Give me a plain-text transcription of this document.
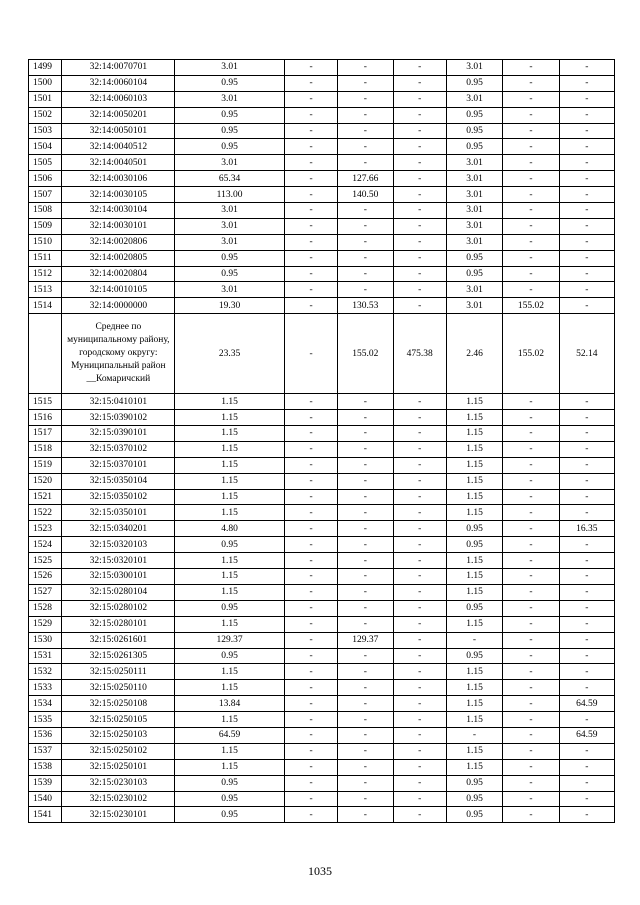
1499	32:14:0070701	3.01	-	-	-	3.01	-	-
1500	32:14:0060104	0.95	-	-	-	0.95	-	-
1501	32:14:0060103	3.01	-	-	-	3.01	-	-
1502	32:14:0050201	0.95	-	-	-	0.95	-	-
1503	32:14:0050101	0.95	-	-	-	0.95	-	-
1504	32:14:0040512	0.95	-	-	-	0.95	-	-
1505	32:14:0040501	3.01	-	-	-	3.01	-	-
1506	32:14:0030106	65.34	-	127.66	-	3.01	-	-
1507	32:14:0030105	113.00	-	140.50	-	3.01	-	-
1508	32:14:0030104	3.01	-	-	-	3.01	-	-
1509	32:14:0030101	3.01	-	-	-	3.01	-	-
1510	32:14:0020806	3.01	-	-	-	3.01	-	-
1511	32:14:0020805	0.95	-	-	-	0.95	-	-
1512	32:14:0020804	0.95	-	-	-	0.95	-	-
1513	32:14:0010105	3.01	-	-	-	3.01	-	-
1514	32:14:0000000	19.30	-	130.53	-	3.01	155.02	-
	Среднее по муниципальному району, городскому округу: Муниципальный район __Комаричский	23.35	-	155.02	475.38	2.46	155.02	52.14
1515	32:15:0410101	1.15	-	-	-	1.15	-	-
1516	32:15:0390102	1.15	-	-	-	1.15	-	-
1517	32:15:0390101	1.15	-	-	-	1.15	-	-
1518	32:15:0370102	1.15	-	-	-	1.15	-	-
1519	32:15:0370101	1.15	-	-	-	1.15	-	-
1520	32:15:0350104	1.15	-	-	-	1.15	-	-
1521	32:15:0350102	1.15	-	-	-	1.15	-	-
1522	32:15:0350101	1.15	-	-	-	1.15	-	-
1523	32:15:0340201	4.80	-	-	-	0.95	-	16.35
1524	32:15:0320103	0.95	-	-	-	0.95	-	-
1525	32:15:0320101	1.15	-	-	-	1.15	-	-
1526	32:15:0300101	1.15	-	-	-	1.15	-	-
1527	32:15:0280104	1.15	-	-	-	1.15	-	-
1528	32:15:0280102	0.95	-	-	-	0.95	-	-
1529	32:15:0280101	1.15	-	-	-	1.15	-	-
1530	32:15:0261601	129.37	-	129.37	-	-	-	-
1531	32:15:0261305	0.95	-	-	-	0.95	-	-
1532	32:15:0250111	1.15	-	-	-	1.15	-	-
1533	32:15:0250110	1.15	-	-	-	1.15	-	-
1534	32:15:0250108	13.84	-	-	-	1.15	-	64.59
1535	32:15:0250105	1.15	-	-	-	1.15	-	-
1536	32:15:0250103	64.59	-	-	-	-	-	64.59
1537	32:15:0250102	1.15	-	-	-	1.15	-	-
1538	32:15:0250101	1.15	-	-	-	1.15	-	-
1539	32:15:0230103	0.95	-	-	-	0.95	-	-
1540	32:15:0230102	0.95	-	-	-	0.95	-	-
1541	32:15:0230101	0.95	-	-	-	0.95	-	-
1035
